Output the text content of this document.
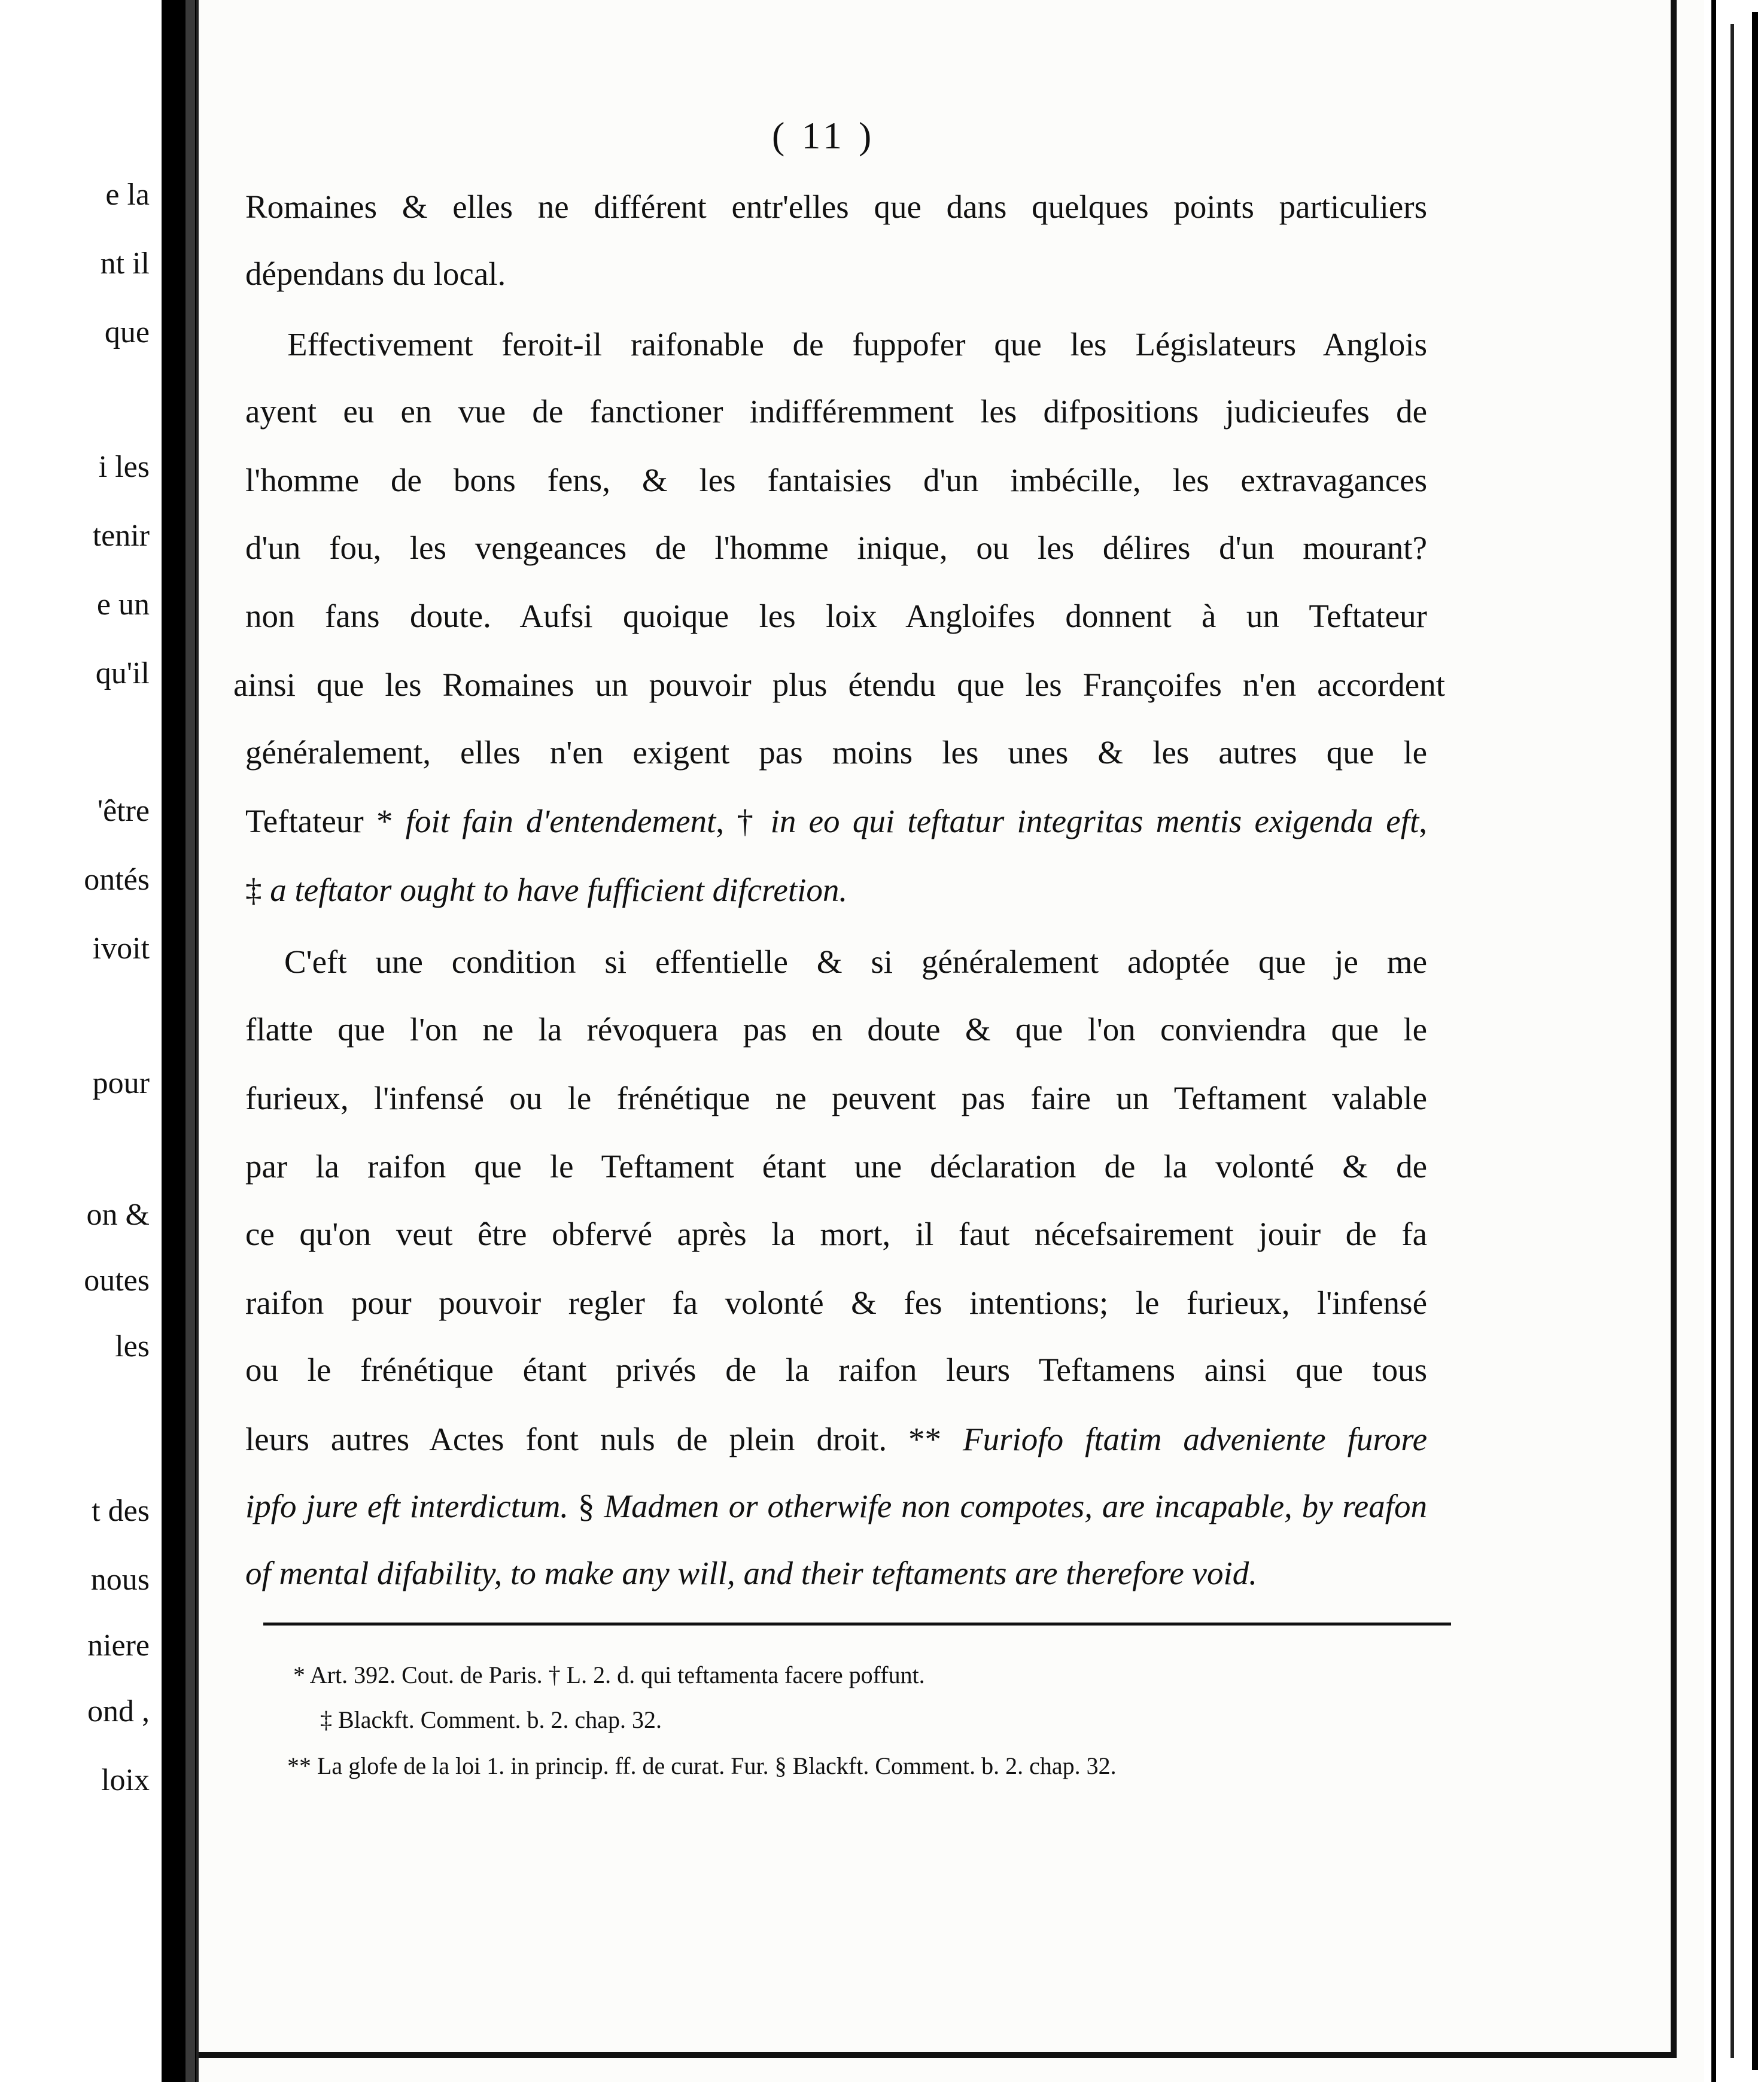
e la
nt il
que
i les
tenir
e un
qu'il
'être
ontés
ivoit
pour
on &
outes
les
t des
nous
niere
ond ,
loix
( 11 )
Romaines & elles ne différent entr'elles que dans quelques points particuliers
dépendans du local.
Effectivement feroit-il raifonable de fuppofer que les Législateurs Anglois
ayent eu en vue de fanctioner indifféremment les difpositions judicieufes de
l'homme de bons fens, & les fantaisies d'un imbécille, les extravagances
d'un fou, les vengeances de l'homme inique, ou les délires d'un mourant?
non fans doute. Aufsi quoique les loix Angloifes donnent à un Teftateur
ainsi que les Romaines un pouvoir plus étendu que les Françoifes n'en accordent
généralement, elles n'en exigent pas moins les unes & les autres que le
Teftateur * foit fain d'entendement, † in eo qui teftatur integritas mentis exigenda eft,
‡ a teftator ought to have fufficient difcretion.
C'eft une condition si effentielle & si généralement adoptée que je me
flatte que l'on ne la révoquera pas en doute & que l'on conviendra que le
furieux, l'infensé ou le frénétique ne peuvent pas faire un Teftament valable
par la raifon que le Teftament étant une déclaration de la volonté & de
ce qu'on veut être obfervé après la mort, il faut nécefsairement jouir de fa
raifon pour pouvoir regler fa volonté & fes intentions; le furieux, l'infensé
ou le frénétique étant privés de la raifon leurs Teftamens ainsi que tous
leurs autres Actes font nuls de plein droit. ** Furiofo ftatim adveniente furore
ipfo jure eft interdictum. § Madmen or otherwife non compotes, are incapable, by reafon
of mental difability, to make any will, and their teftaments are therefore void.
* Art. 392. Cout. de Paris. † L. 2. d. qui teftamenta facere poffunt.
‡ Blackft. Comment. b. 2. chap. 32.
** La glofe de la loi 1. in princip. ff. de curat. Fur. § Blackft. Comment. b. 2. chap. 32.
